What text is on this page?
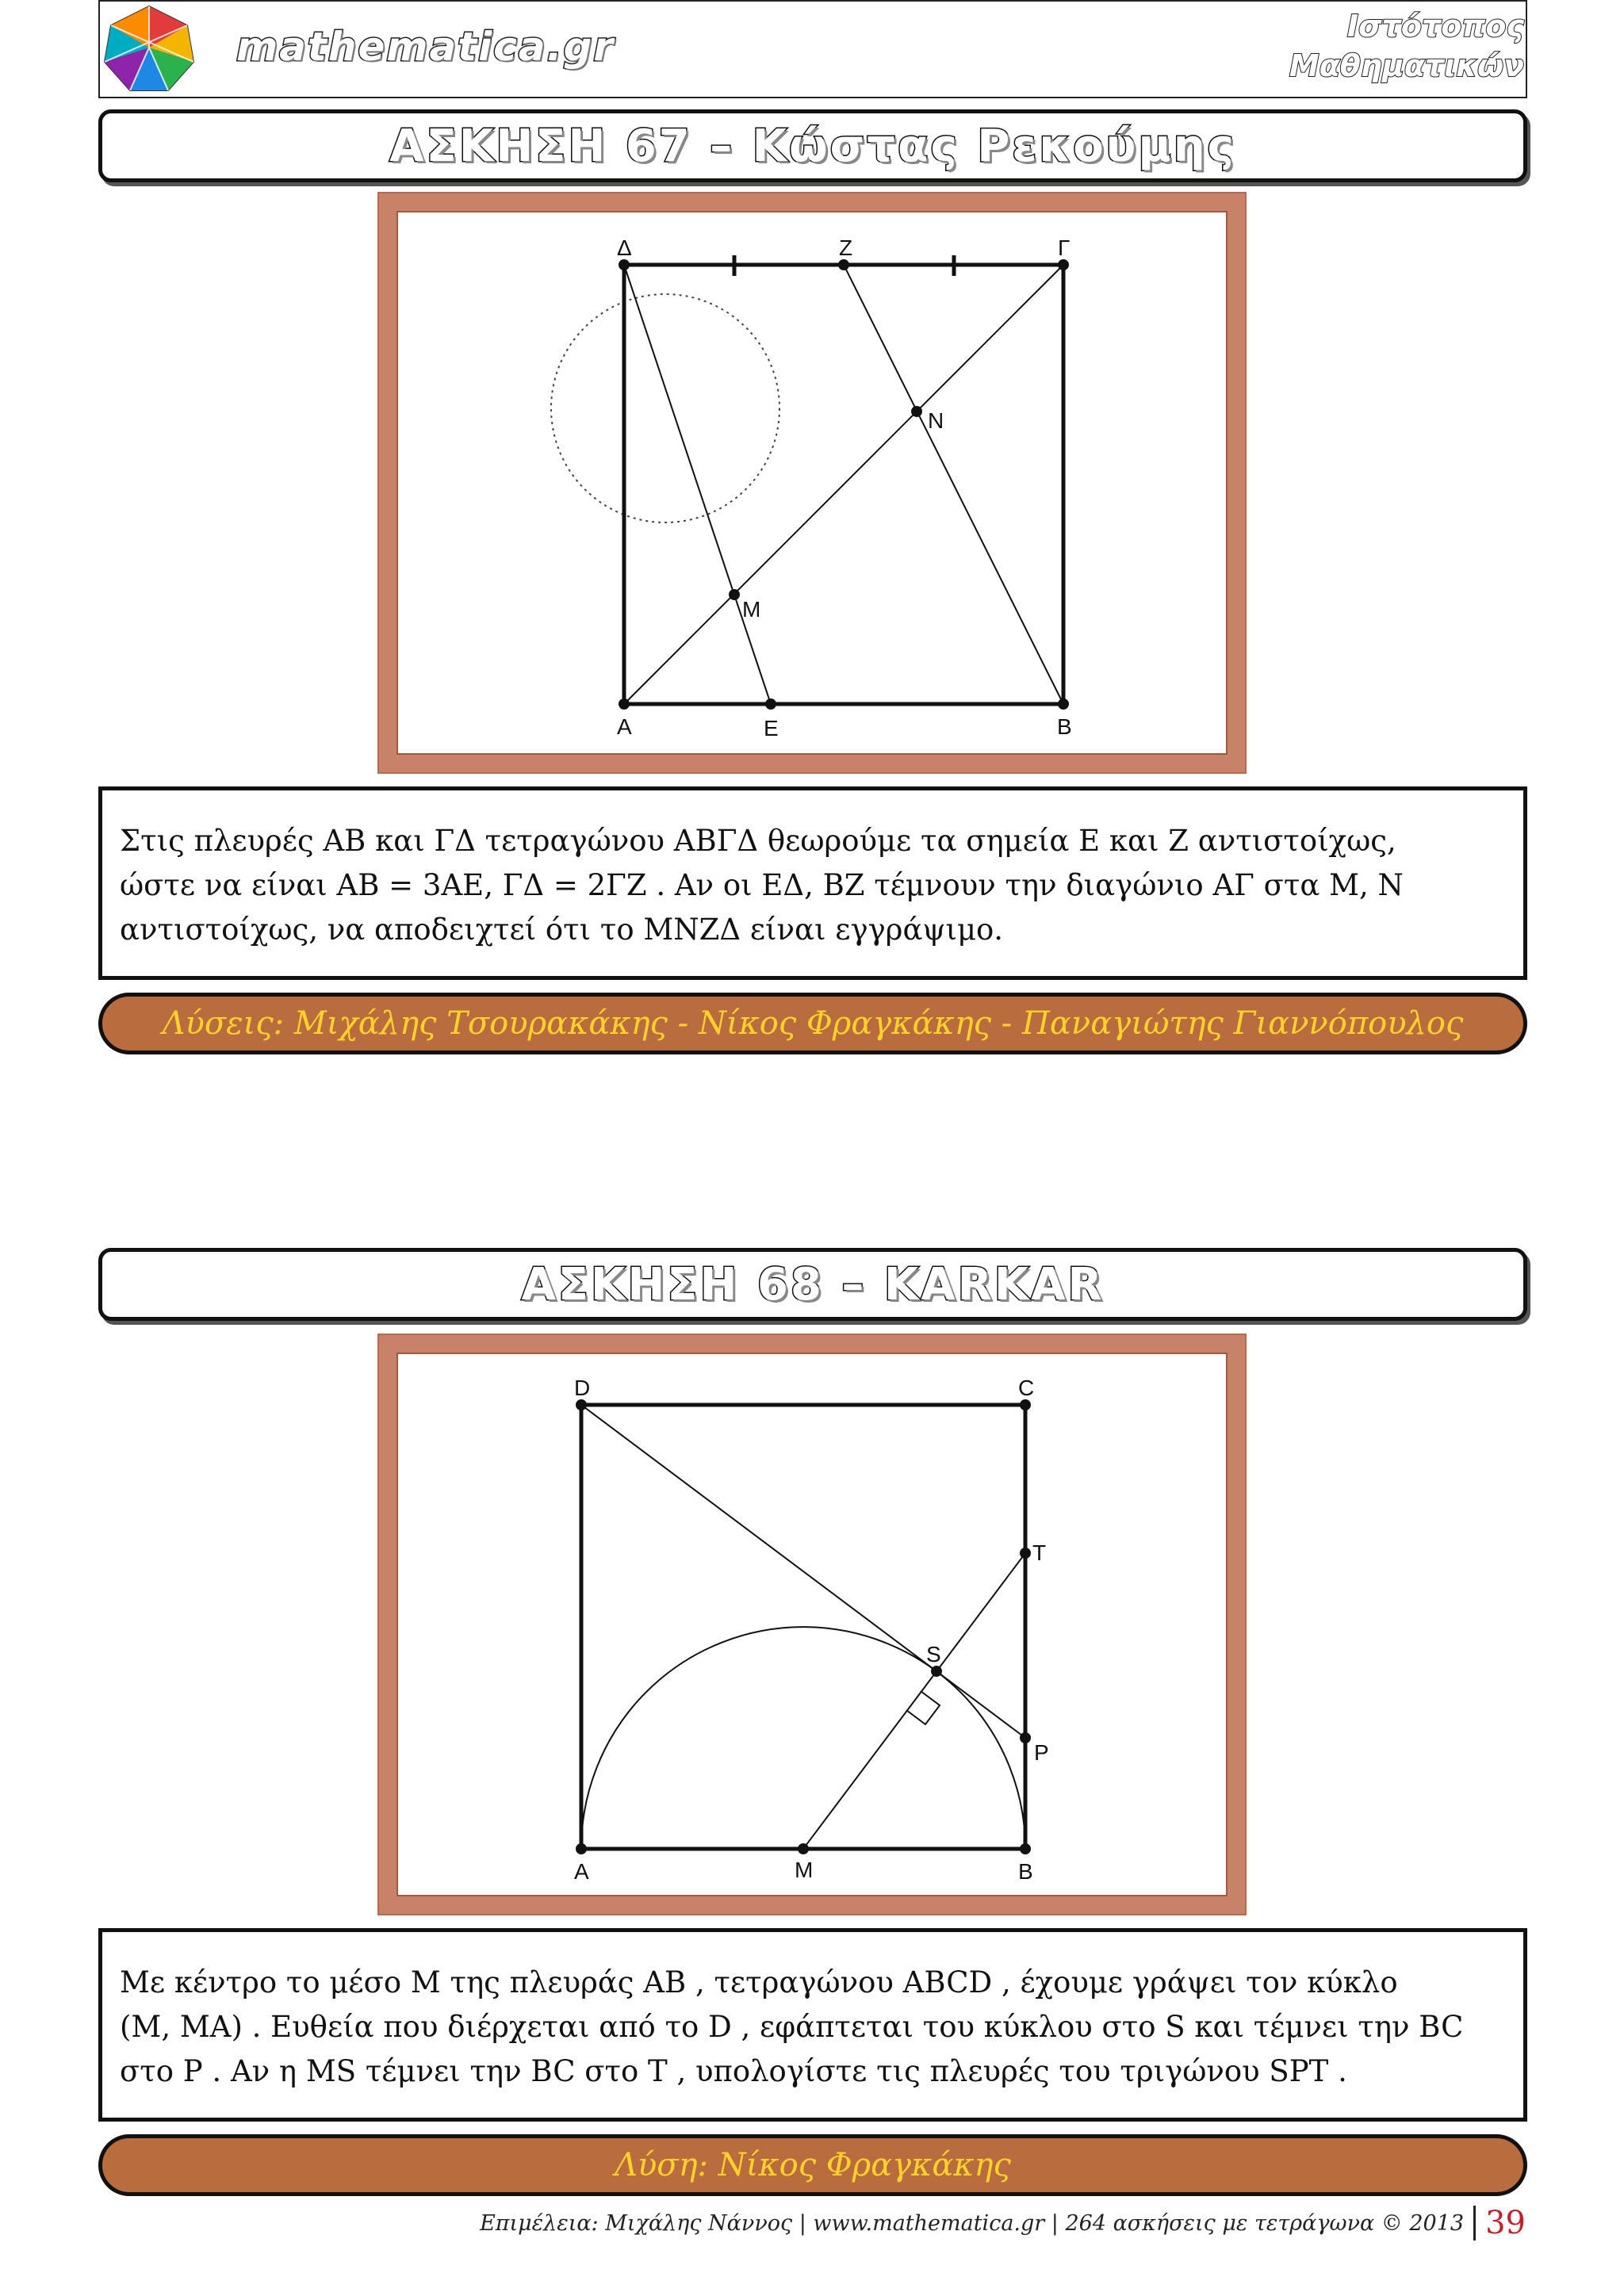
mathematica.gr	Ιστότοπος
Μαθηματικών
ΑΣΚΗΣΗ 67 – Κώστας Ρεκούμης
Δ	Z	Γ
N
M
A	E	B
Στις πλευρές ΑΒ και ΓΔ τετραγώνου ΑΒΓΔ θεωρούμε τα σημεία Ε και Ζ αντιστοίχως,
ώστε να είναι AB = 3AE, ΓΔ = 2ΓZ . Αν οι ΕΔ, ΒΖ τέμνουν την διαγώνιο ΑΓ στα Μ, Ν
αντιστοίχως, να αποδειχτεί ότι το ΜΝΖΔ είναι εγγράψιμο.
Λύσεις: Μιχάλης Τσουρακάκης - Νίκος Φραγκάκης - Παναγιώτης Γιαννόπουλος
ΑΣΚΗΣΗ 68 – KARKAR
D	C
T
S
P
A	M	B
Με κέντρο το μέσο M της πλευράς AB , τετραγώνου ABCD , έχουμε γράψει τον κύκλο
(M, MA) . Ευθεία που διέρχεται από το D , εφάπτεται του κύκλου στο S και τέμνει την BC
στο P . Αν η MS τέμνει την BC στο T , υπολογίστε τις πλευρές του τριγώνου SPT .
Λύση: Νίκος Φραγκάκης
Επιμέλεια: Μιχάλης Νάννος | www.mathematica.gr | 264 ασκήσεις με τετράγωνα © 2013 39
